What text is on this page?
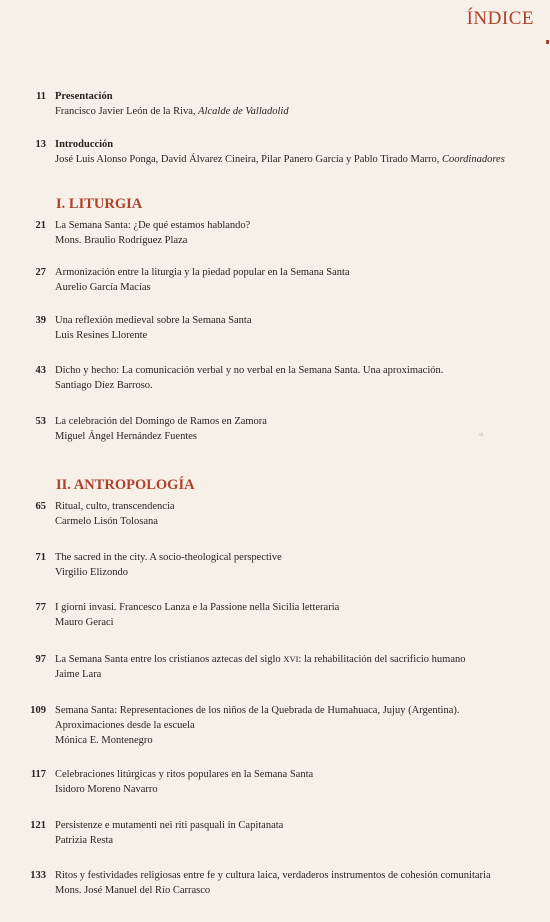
ÍNDICE
11 Presentación
Francisco Javier León de la Riva, Alcalde de Valladolid
13 Introducción
José Luis Alonso Ponga, David Álvarez Cineira, Pilar Panero García y Pablo Tirado Marro, Coordinadores
I. LITURGIA
21 La Semana Santa: ¿De qué estamos hablando?
Mons. Braulio Rodríguez Plaza
27 Armonización entre la liturgia y la piedad popular en la Semana Santa
Aurelio García Macías
39 Una reflexión medieval sobre la Semana Santa
Luis Resines Llorente
43 Dicho y hecho: La comunicación verbal y no verbal en la Semana Santa. Una aproximación.
Santiago Díez Barroso.
53 La celebración del Domingo de Ramos en Zamora
Miguel Ángel Hernández Fuentes	☼
II. ANTROPOLOGÍA
65 Ritual, culto, transcendencia
Carmelo Lisón Tolosana
71 The sacred in the city. A socio-theological perspective
Virgilio Elizondo
77 I giorni invasi. Francesco Lanza e la Passione nella Sicilia letteraria
Mauro Geraci
97 La Semana Santa entre los cristianos aztecas del siglo XVI: la rehabilitación del sacrificio humano
Jaime Lara
109 Semana Santa: Representaciones de los niños de la Quebrada de Humahuaca, Jujuy (Argentina).
Aproximaciones desde la escuela
Mónica E. Montenegro
117 Celebraciones litúrgicas y ritos populares en la Semana Santa
Isidoro Moreno Navarro
121 Persistenze e mutamenti nei riti pasquali in Capitanata
Patrizia Resta
133 Ritos y festividades religiosas entre fe y cultura laica, verdaderos instrumentos de cohesión comunitaria
Mons. José Manuel del Río Carrasco
